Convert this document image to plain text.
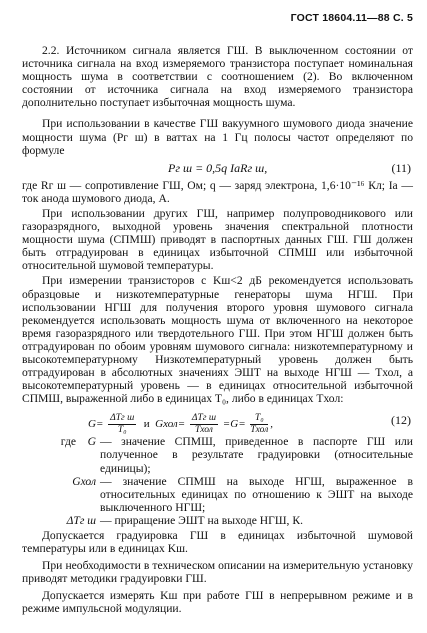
ГОСТ 18604.11—88 С. 5

2.2. Источником сигнала является ГШ. В выключенном состоянии от источника сигнала на вход измеряемого транзистора поступает номинальная мощность шума в соответствии с соотношением (2). Во включенном состоянии от источника сигнала на вход измеряемого транзистора дополнительно поступает избыточная мощность шума.

При использовании в качестве ГШ вакуумного шумового диода значение мощности шума (Pг ш) в ваттах на 1 Гц полосы частот определяют по формуле

Pг ш = 0,5q IаRг ш,	(11)

где Rг ш — сопротивление ГШ, Ом; q — заряд электрона, 1,6·10⁻¹⁶ Кл; Iа — ток анода шумового диода, А.

При использовании других ГШ, например полупроводникового или газоразрядного, выходной уровень значения спектральной плотности мощности шума (СПМШ) приводят в паспортных данных ГШ. ГШ должен быть отградуирован в единицах избыточной СПМШ или избыточной относительной шумовой температуры.

При измерении транзисторов с Kш<2 дБ рекомендуется использовать образцовые и низкотемпературные генераторы шума НГШ. При использовании НГШ для получения второго уровня шумового сигнала рекомендуется использовать мощность шума от включенного на некоторое время газоразрядного или твердотельного ГШ. При этом НГШ должен быть отградуирован по обоим уровням шумового сигнала: низкотемпературному и высокотемпературному Низкотемпературный уровень должен быть отградуирован в абсолютных значениях ЭШТ на выходе НГШ — Tхол, а высокотемпературный уровень — в единицах относительной избыточной СПМШ, выраженной либо в единицах T₀, либо в единицах Tхол:

$G= \frac{\text{ΔTг ш}}{\text{T₀}}$ и Gхол= $\frac{\text{ΔTг ш}}{\text{Tхол}} =G= \frac{\text{T₀}}{\text{Tхол}}$ ,	(12)
где G — значение СПМШ, приведенное в паспорте ГШ или полученное в результате градуировки (относительные единицы);
Gхол — значение СПМШ на выходе НГШ, выраженное в относительных единицах по отношению к ЭШТ на выходе выключенного НГШ;
ΔTг ш — приращение ЭШТ на выходе НГШ, К.

Допускается градуировка ГШ в единицах избыточной шумовой температуры или в единицах Kш.

При необходимости в техническом описании на измерительную установку приводят методики градуировки ГШ.

Допускается измерять Kш при работе ГШ в непрерывном режиме и в режиме импульсной модуляции.
